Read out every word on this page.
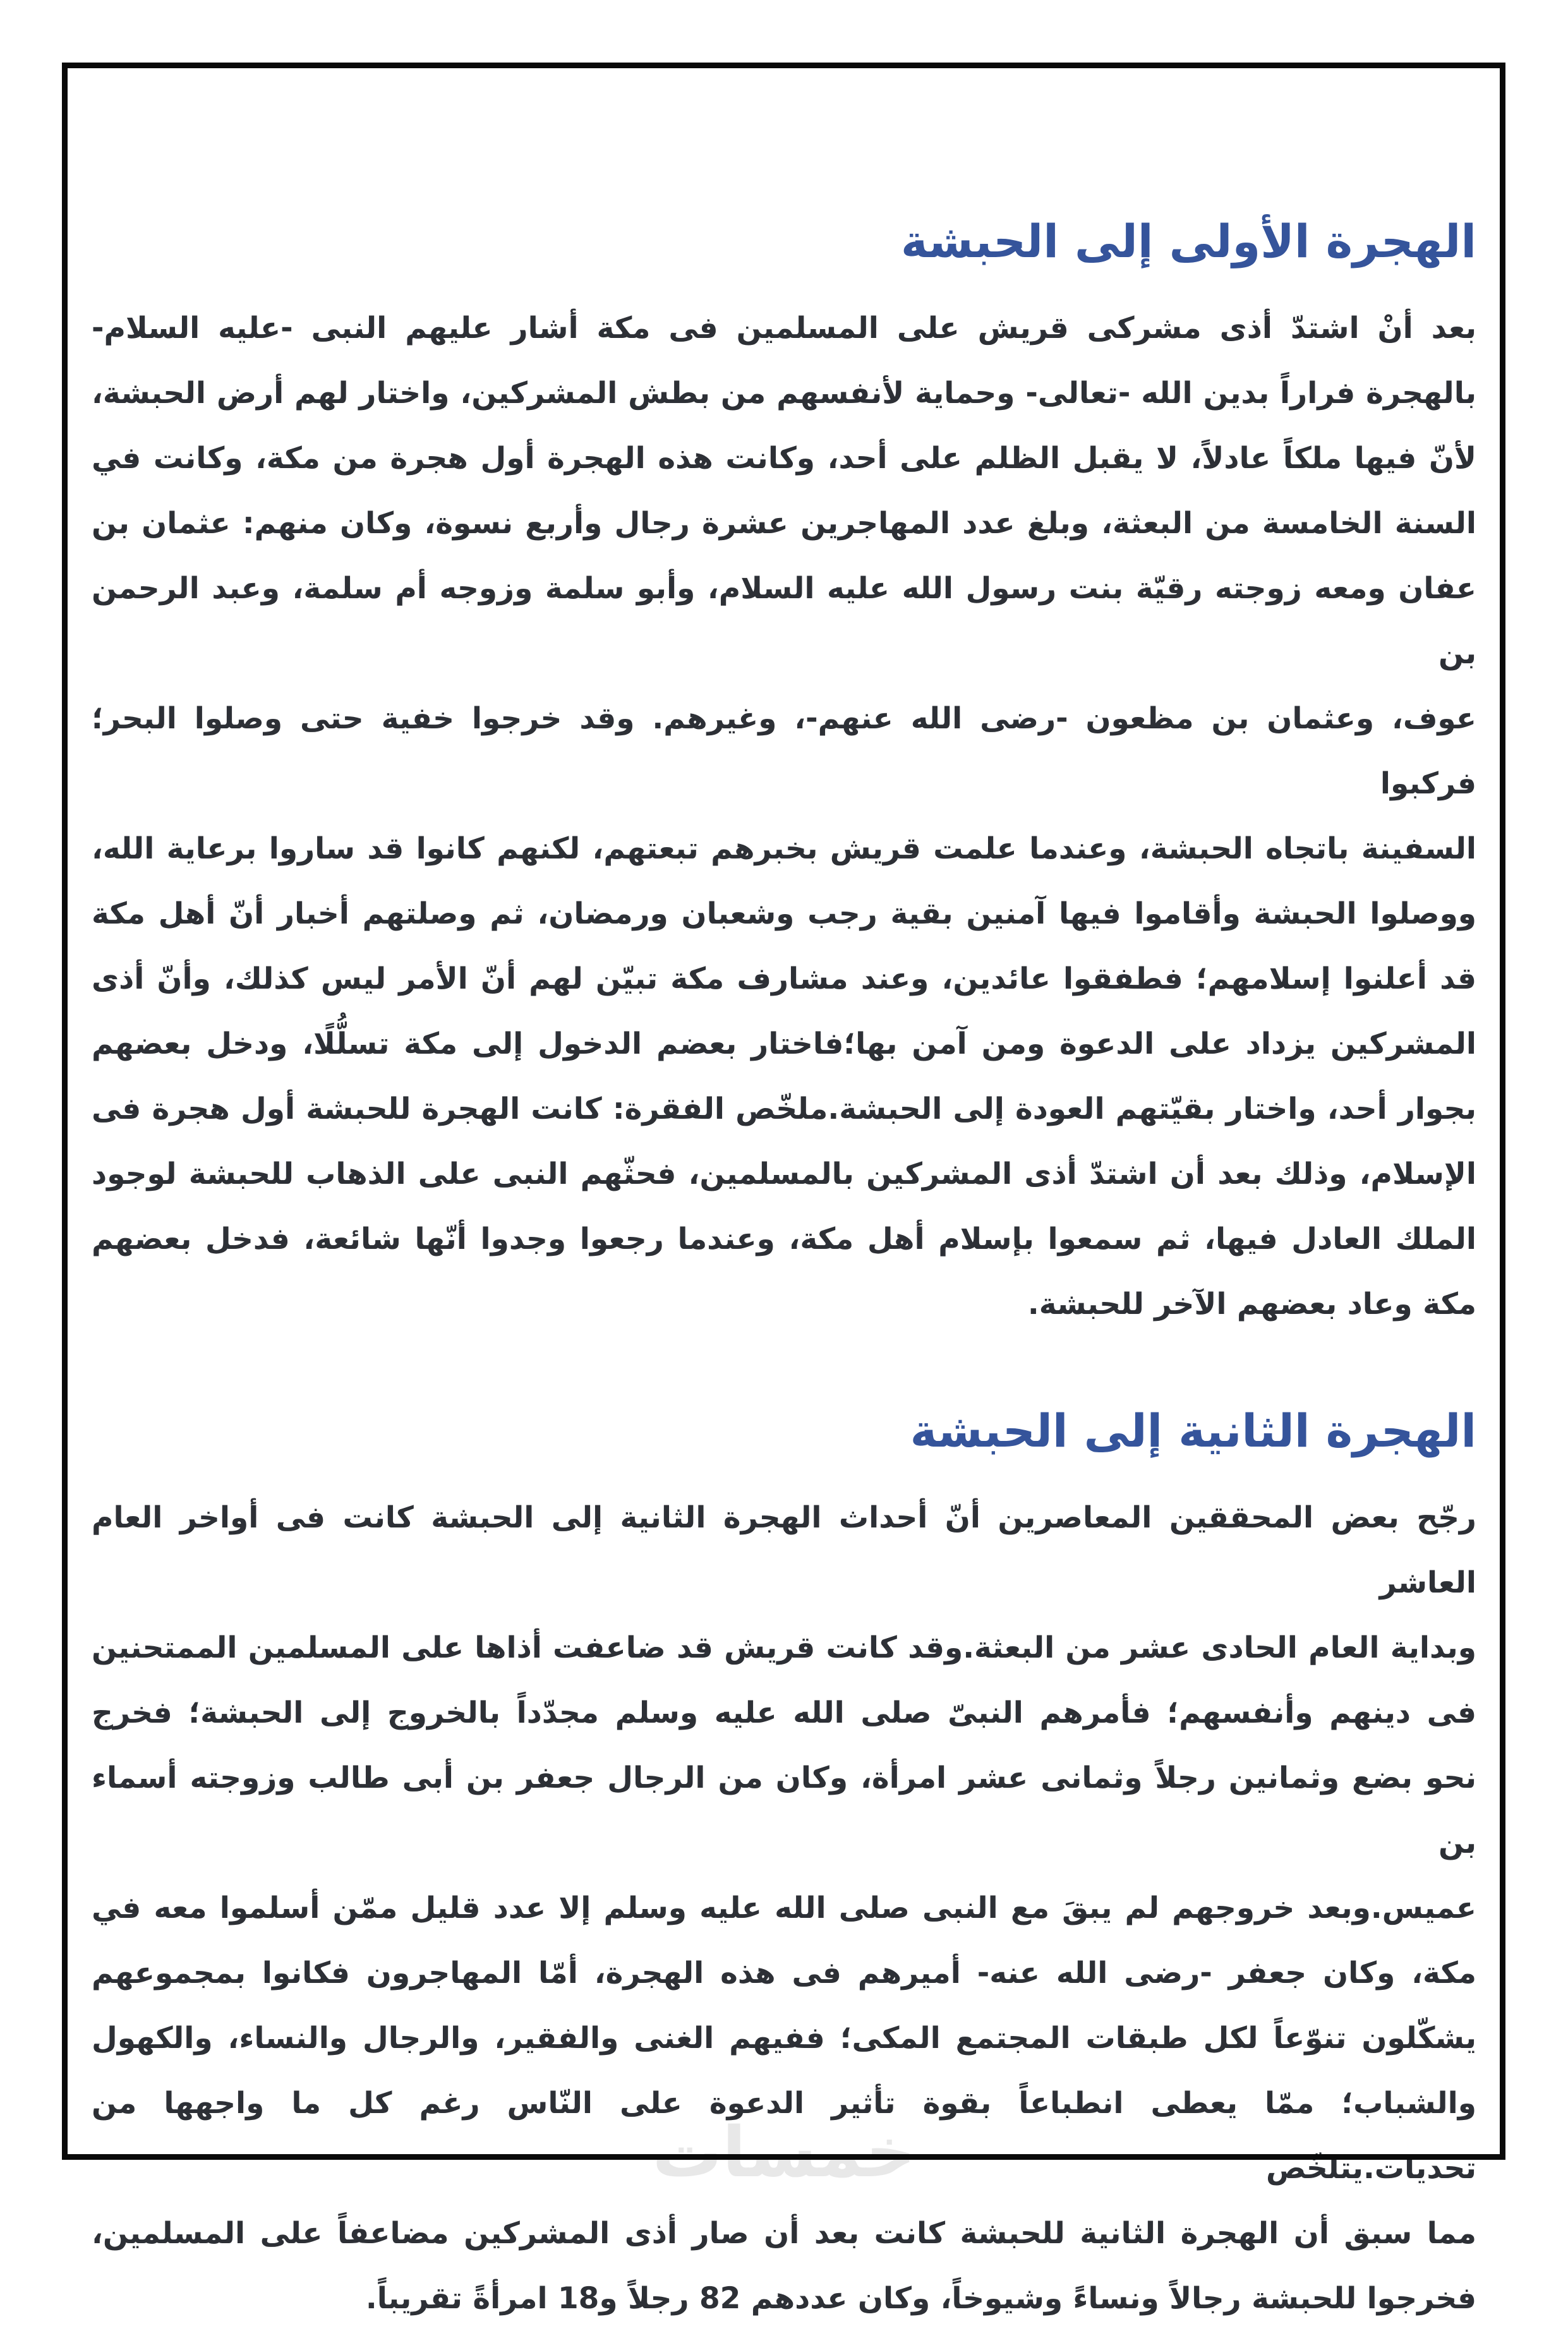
خمسات
الهجرة الأولى إلى الحبشة
بعد أنْ اشتدّ أذى مشركى قريش على المسلمين فى مكة أشار عليهم النبى -عليه السلام-
بالهجرة فراراً بدين الله -تعالى- وحماية لأنفسهم من بطش المشركين، واختار لهم أرض الحبشة،
لأنّ فيها ملكاً عادلاً، لا يقبل الظلم على أحد، وكانت هذه الهجرة أول هجرة من مكة، وكانت في
السنة الخامسة من البعثة، وبلغ عدد المهاجرين عشرة رجال وأربع نسوة، وكان منهم: عثمان بن
عفان ومعه زوجته رقيّة بنت رسول الله عليه السلام، وأبو سلمة وزوجه أم سلمة، وعبد الرحمن بن
عوف، وعثمان بن مظعون -رضى الله عنهم-، وغيرهم. وقد خرجوا خفية حتى وصلوا البحر؛ فركبوا
السفينة باتجاه الحبشة، وعندما علمت قريش بخبرهم تبعتهم، لكنهم كانوا قد ساروا برعاية الله،
ووصلوا الحبشة وأقاموا فيها آمنين بقية رجب وشعبان ورمضان، ثم وصلتهم أخبار أنّ أهل مكة
قد أعلنوا إسلامهم؛ فطفقوا عائدين، وعند مشارف مكة تبيّن لهم أنّ الأمر ليس كذلك، وأنّ أذى
المشركين يزداد على الدعوة ومن آمن بها؛فاختار بعضم الدخول إلى مكة تسلُّلًا، ودخل بعضهم
بجوار أحد، واختار بقيّتهم العودة إلى الحبشة.ملخّص الفقرة: كانت الهجرة للحبشة أول هجرة فى
الإسلام، وذلك بعد أن اشتدّ أذى المشركين بالمسلمين، فحثّهم النبى على الذهاب للحبشة لوجود
الملك العادل فيها، ثم سمعوا بإسلام أهل مكة، وعندما رجعوا وجدوا أنّها شائعة، فدخل بعضهم
مكة وعاد بعضهم الآخر للحبشة.
الهجرة الثانية إلى الحبشة
رجّح بعض المحققين المعاصرين أنّ أحداث الهجرة الثانية إلى الحبشة كانت فى أواخر العام العاشر
وبداية العام الحادى عشر من البعثة.وقد كانت قريش قد ضاعفت أذاها على المسلمين الممتحنين
فى دينهم وأنفسهم؛ فأمرهم النبىّ صلى الله عليه وسلم مجدّداً بالخروج إلى الحبشة؛ فخرج
نحو بضع وثمانين رجلاً وثمانى عشر امرأة، وكان من الرجال جعفر بن أبى طالب وزوجته أسماء بن
عميس.وبعد خروجهم لم يبقَ مع النبى صلى الله عليه وسلم إلا عدد قليل ممّن أسلموا معه في
مكة، وكان جعفر -رضى الله عنه- أميرهم فى هذه الهجرة، أمّا المهاجرون فكانوا بمجموعهم
يشكّلون تنوّعاً لكل طبقات المجتمع المكى؛ ففيهم الغنى والفقير، والرجال والنساء، والكهول
والشباب؛ ممّا يعطى انطباعاً بقوة تأثير الدعوة على النّاس رغم كل ما واجهها من تحديات.يتلخّص
مما سبق أن الهجرة الثانية للحبشة كانت بعد أن صار أذى المشركين مضاعفاً على المسلمين،
فخرجوا للحبشة رجالاً ونساءً وشيوخاً، وكان عددهم 82 رجلاً و18 امرأةً تقريباً.
